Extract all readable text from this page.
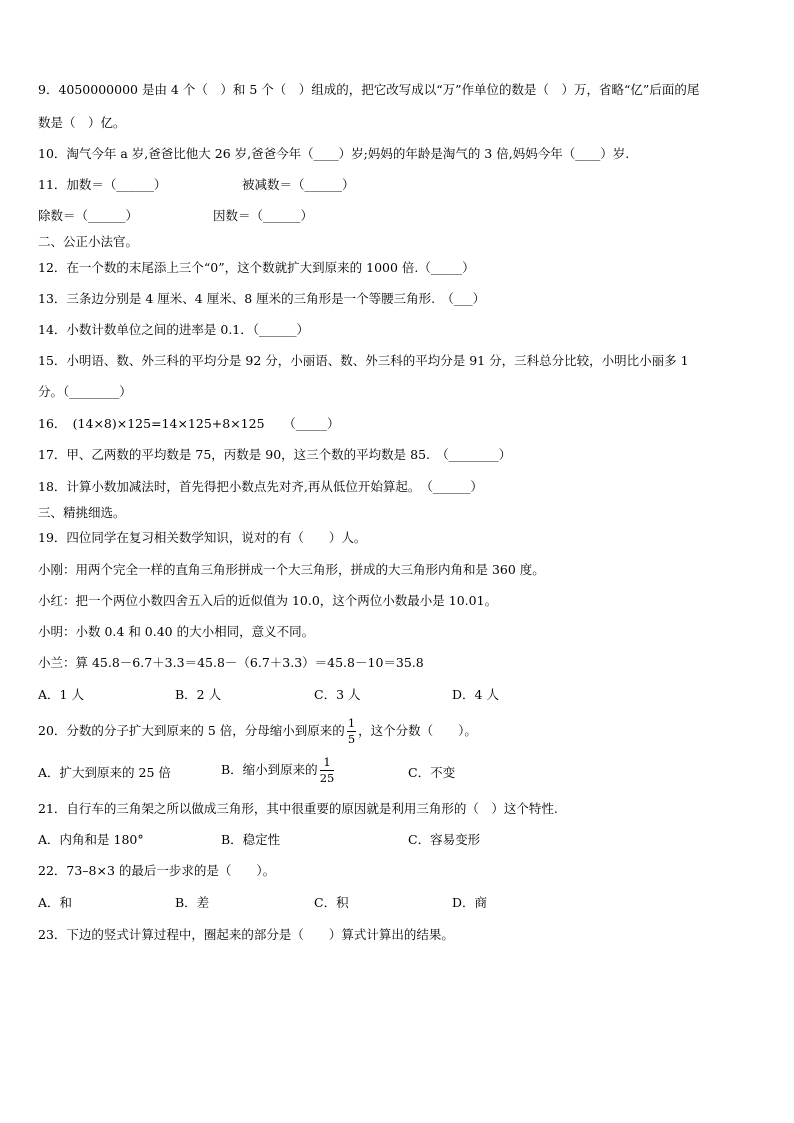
9．4050000000 是由 4 个（　）和 5 个（　）组成的，把它改写成以“万”作单位的数是（　）万，省略“亿”后面的尾
数是（　）亿。
10．淘气今年 a 岁,爸爸比他大 26 岁,爸爸今年（____）岁;妈妈的年龄是淘气的 3 倍,妈妈今年（____）岁.
11．加数＝（______）	被减数＝（______）
除数＝（______）	因数＝（______）
二、公正小法官。
12．在一个数的末尾添上三个“0”，这个数就扩大到原来的 1000 倍.（_____）
13．三条边分别是 4 厘米、4 厘米、8 厘米的三角形是一个等腰三角形.　（___）
14．小数计数单位之间的进率是 0.1．（______）
15．小明语、数、外三科的平均分是 92 分，小丽语、数、外三科的平均分是 91 分，三科总分比较，小明比小丽多 1
分。（________）
16．　(14×8)×125=14×125+8×125　　（_____）
17．甲、乙两数的平均数是 75，丙数是 90，这三个数的平均数是 85.　（________）
18．计算小数加减法时，首先得把小数点先对齐,再从低位开始算起。　（______）
三、精挑细选。
19．四位同学在复习相关数学知识，说对的有（　　）人。
小刚：用两个完全一样的直角三角形拼成一个大三角形，拼成的大三角形内角和是 360 度。
小红：把一个两位小数四舍五入后的近似值为 10.0，这个两位小数最小是 10.01。
小明：小数 0.4 和 0.40 的大小相同，意义不同。
小兰：算 45.8－6.7＋3.3＝45.8－（6.7＋3.3）＝45.8－10＝35.8
A．1 人	B．2 人	C．3 人	D．4 人
20．分数的分子扩大到原来的 5 倍，分母缩小到原来的 $\frac{1}{5}$ ，这个分数（　　）。
A．扩大到原来的 25 倍	B．缩小到原来的 $\frac{1}{25}$	C．不变
21．自行车的三角架之所以做成三角形，其中很重要的原因就是利用三角形的（　）这个特性.
A．内角和是 180°	B．稳定性	C．容易变形
22．73–8×3 的最后一步求的是（　　）。
A．和	B．差	C．积	D．商
23．下边的竖式计算过程中，圈起来的部分是（　　）算式计算出的结果。
